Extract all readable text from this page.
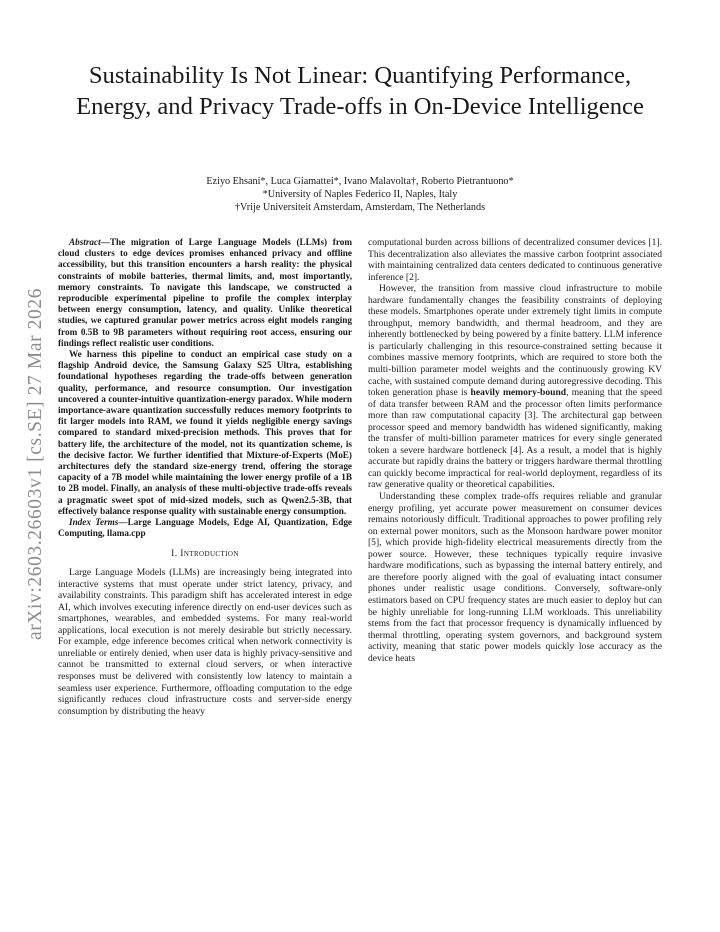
arXiv:2603.26603v1 [cs.SE] 27 Mar 2026
Sustainability Is Not Linear: Quantifying Performance, Energy, and Privacy Trade-offs in On-Device Intelligence
Eziyo Ehsani*, Luca Giamattei*, Ivano Malavolta†, Roberto Pietrantuono*
*University of Naples Federico II, Naples, Italy
†Vrije Universiteit Amsterdam, Amsterdam, The Netherlands

Abstract—The migration of Large Language Models (LLMs) from cloud clusters to edge devices promises enhanced privacy and offline accessibility, but this transition encounters a harsh reality: the physical constraints of mobile batteries, thermal limits, and, most importantly, memory constraints. To navigate this landscape, we constructed a reproducible experimental pipeline to profile the complex interplay between energy consumption, latency, and quality. Unlike theoretical studies, we captured granular power metrics across eight models ranging from 0.5B to 9B parameters without requiring root access, ensuring our findings reflect realistic user conditions.

We harness this pipeline to conduct an empirical case study on a flagship Android device, the Samsung Galaxy S25 Ultra, establishing foundational hypotheses regarding the trade-offs between generation quality, performance, and resource consumption. Our investigation uncovered a counter-intuitive quantization-energy paradox. While modern importance-aware quantization successfully reduces memory footprints to fit larger models into RAM, we found it yields negligible energy savings compared to standard mixed-precision methods. This proves that for battery life, the architecture of the model, not its quantization scheme, is the decisive factor. We further identified that Mixture-of-Experts (MoE) architectures defy the standard size-energy trend, offering the storage capacity of a 7B model while maintaining the lower energy profile of a 1B to 2B model. Finally, an analysis of these multi-objective trade-offs reveals a pragmatic sweet spot of mid-sized models, such as Qwen2.5-3B, that effectively balance response quality with sustainable energy consumption.

Index Terms—Large Language Models, Edge AI, Quantization, Edge Computing, llama.cpp

I. Introduction

Large Language Models (LLMs) are increasingly being integrated into interactive systems that must operate under strict latency, privacy, and availability constraints. This paradigm shift has accelerated interest in edge AI, which involves executing inference directly on end-user devices such as smartphones, wearables, and embedded systems. For many real-world applications, local execution is not merely desirable but strictly necessary. For example, edge inference becomes critical when network connectivity is unreliable or entirely denied, when user data is highly privacy-sensitive and cannot be transmitted to external cloud servers, or when interactive responses must be delivered with consistently low latency to maintain a seamless user experience. Furthermore, offloading computation to the edge significantly reduces cloud infrastructure costs and server-side energy consumption by distributing the heavy

computational burden across billions of decentralized consumer devices [1]. This decentralization also alleviates the massive carbon footprint associated with maintaining centralized data centers dedicated to continuous generative inference [2].

However, the transition from massive cloud infrastructure to mobile hardware fundamentally changes the feasibility constraints of deploying these models. Smartphones operate under extremely tight limits in compute throughput, memory bandwidth, and thermal headroom, and they are inherently bottlenecked by being powered by a finite battery. LLM inference is particularly challenging in this resource-constrained setting because it combines massive memory footprints, which are required to store both the multi-billion parameter model weights and the continuously growing KV cache, with sustained compute demand during autoregressive decoding. This token generation phase is heavily memory-bound, meaning that the speed of data transfer between RAM and the processor often limits performance more than raw computational capacity [3]. The architectural gap between processor speed and memory bandwidth has widened significantly, making the transfer of multi-billion parameter matrices for every single generated token a severe hardware bottleneck [4]. As a result, a model that is highly accurate but rapidly drains the battery or triggers hardware thermal throttling can quickly become impractical for real-world deployment, regardless of its raw generative quality or theoretical capabilities.

Understanding these complex trade-offs requires reliable and granular energy profiling, yet accurate power measurement on consumer devices remains notoriously difficult. Traditional approaches to power profiling rely on external power monitors, such as the Monsoon hardware power monitor [5], which provide high-fidelity electrical measurements directly from the power source. However, these techniques typically require invasive hardware modifications, such as bypassing the internal battery entirely, and are therefore poorly aligned with the goal of evaluating intact consumer phones under realistic usage conditions. Conversely, software-only estimators based on CPU frequency states are much easier to deploy but can be highly unreliable for long-running LLM workloads. This unreliability stems from the fact that processor frequency is dynamically influenced by thermal throttling, operating system governors, and background system activity, meaning that static power models quickly lose accuracy as the device heats
